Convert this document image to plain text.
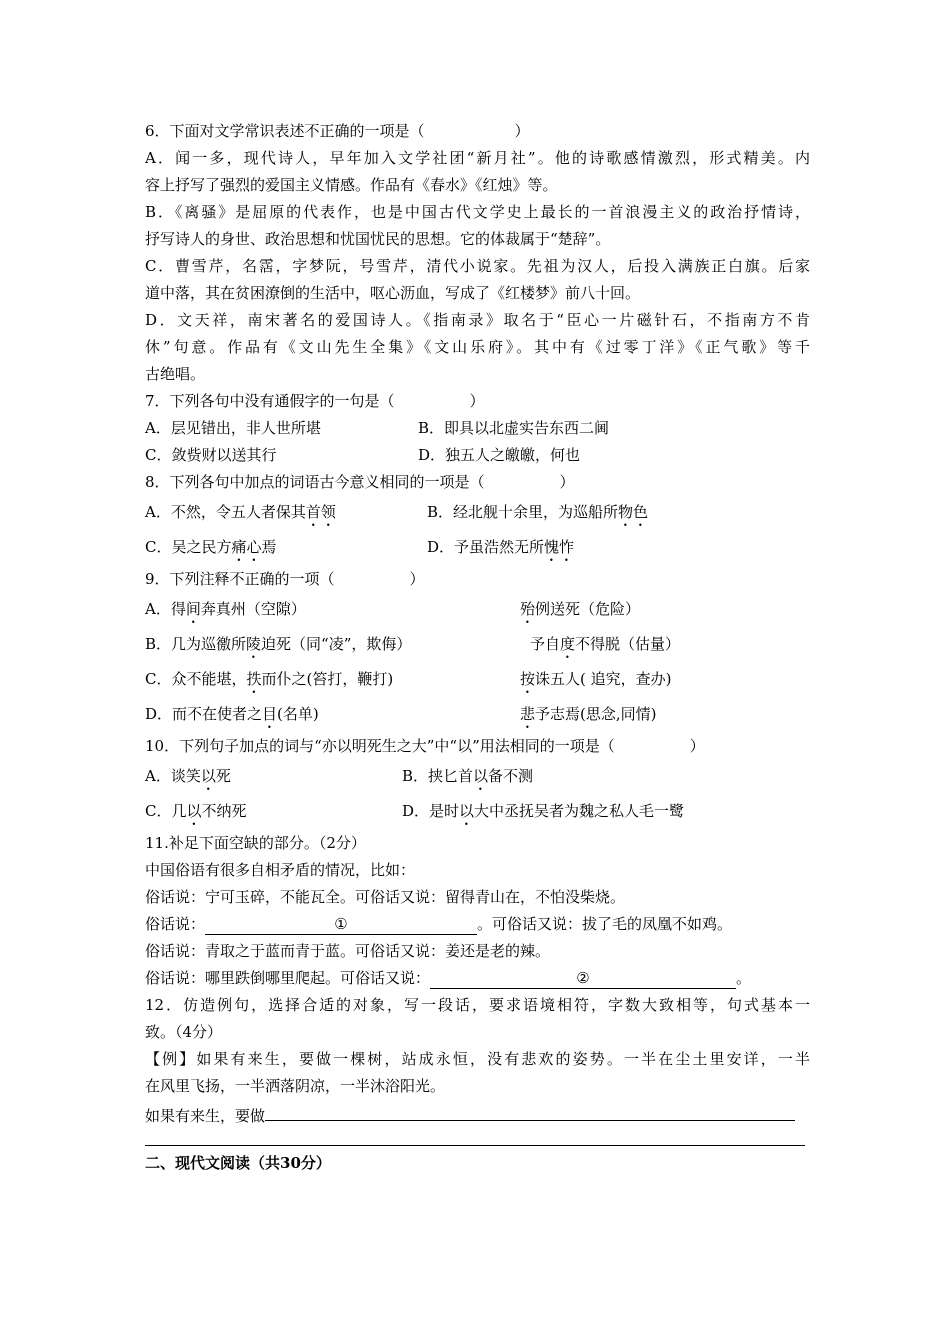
6．下面对文学常识表述不正确的一项是（　　　　　　）
A．闻一多，现代诗人，早年加入文学社团“新月社”。他的诗歌感情激烈，形式精美。内
容上抒写了强烈的爱国主义情感。作品有《春水》《红烛》等。
B．《离骚》是屈原的代表作，也是中国古代文学史上最长的一首浪漫主义的政治抒情诗，
抒写诗人的身世、政治思想和忧国忧民的思想。它的体裁属于“楚辞”。
C．曹雪芹，名霑，字梦阮，号雪芹，清代小说家。先祖为汉人，后投入满族正白旗。后家
道中落，其在贫困潦倒的生活中，呕心沥血，写成了《红楼梦》前八十回。
D．文天祥，南宋著名的爱国诗人。《指南录》取名于“臣心一片磁针石，不指南方不肯
休”句意。作品有《文山先生全集》《文山乐府》。其中有《过零丁洋》《正气歌》等千
古绝唱。
7．下列各句中没有通假字的一句是（　　　　　）
A．层见错出，非人世所堪	B．即具以北虚实告东西二阃
C．敛赀财以送其行	D．独五人之皦皦，何也
8．下列各句中加点的词语古今意义相同的一项是（　　　　　）
A．不然，令五人者保其首领	B．经北舰十余里，为巡船所物色
C．吴之民方痛心焉	D．予虽浩然无所愧怍
9．下列注释不正确的一项（　　　　　）
A．得间奔真州（空隙）	殆例送死（危险）
B．几为巡徼所陵迫死（同“凌”，欺侮）	予自度不得脱（估量）
C．众不能堪，抶而仆之(笞打，鞭打)	按诛五人( 追究，查办)
D．而不在使者之目(名单)	悲予志焉(思念,同情)
10．下列句子加点的词与“亦以明死生之大”中“以”用法相同的一项是（　　　　　）
A．谈笑以死	B．挟匕首以备不测
C．几以不纳死	D．是时以大中丞抚吴者为魏之私人毛一鹭
11.补足下面空缺的部分。（2分）
中国俗语有很多自相矛盾的情况，比如：
俗话说：宁可玉碎，不能瓦全。可俗话又说：留得青山在，不怕没柴烧。
俗话说：	①	。可俗话又说：拔了毛的凤凰不如鸡。
俗话说：青取之于蓝而青于蓝。可俗话又说：姜还是老的辣。
俗话说：哪里跌倒哪里爬起。可俗话又说：	②	。
12．仿造例句，选择合适的对象，写一段话，要求语境相符，字数大致相等，句式基本一
致。（4分）
【例】如果有来生，要做一棵树，站成永恒，没有悲欢的姿势。一半在尘土里安详，一半
在风里飞扬，一半洒落阴凉，一半沐浴阳光。
如果有来生，要做
二、现代文阅读（共30分）
